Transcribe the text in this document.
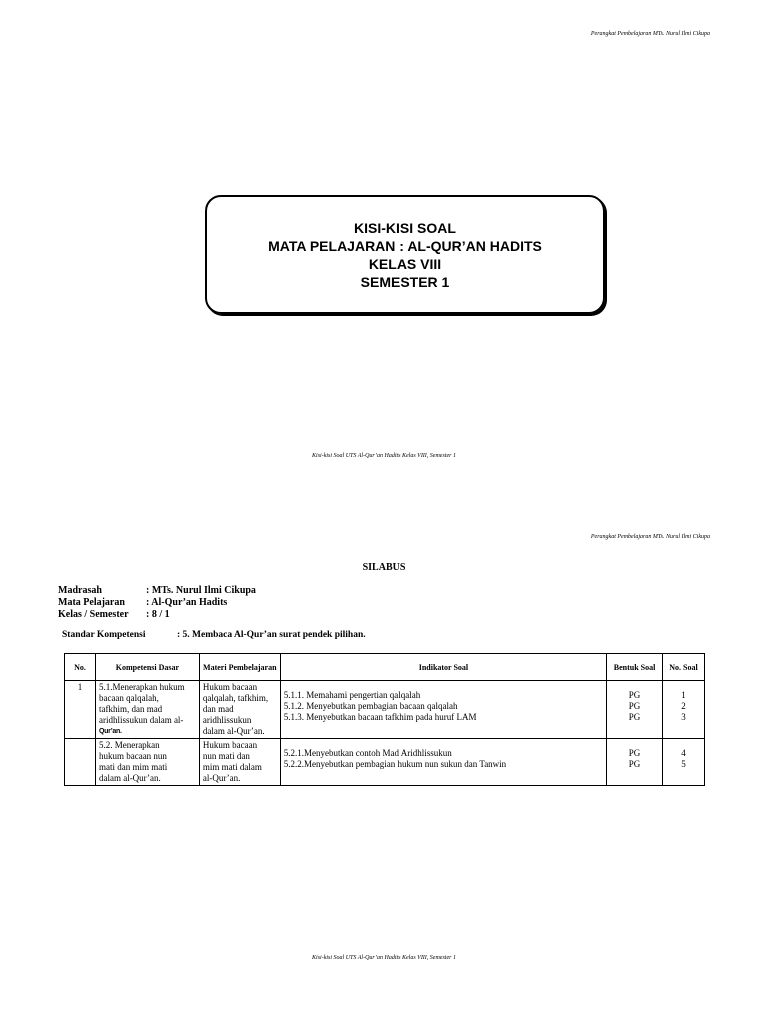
Perangkat Pembelajaran MTs. Nurul Ilmi Cikupa
KISI-KISI SOAL
MATA PELAJARAN : AL-QUR’AN HADITS
KELAS VIII
SEMESTER 1
Kisi-kisi Soal UTS Al-Qur’an Hadits Kelas VIII, Semester 1
Perangkat Pembelajaran MTs. Nurul Ilmi Cikupa
SILABUS
Madrasah	: MTs. Nurul Ilmi Cikupa
Mata Pelajaran	: Al-Qur’an Hadits
Kelas / Semester	: 8 / 1
Standar Kompetensi	: 5. Membaca Al-Qur’an surat pendek pilihan.
No.	Kompetensi Dasar	Materi Pembelajaran	Indikator Soal	Bentuk Soal	No. Soal
1	5.1.Menerapkan hukum
bacaan qalqalah,
tafkhim, dan mad
aridhlissukun dalam al-
Qur’an.	Hukum bacaan
qalqalah, tafkhim,
dan mad
aridhlissukun
dalam al-Qur’an.	5.1.1. Memahami pengertian qalqalah
5.1.2. Menyebutkan pembagian bacaan qalqalah
5.1.3. Menyebutkan bacaan tafkhim pada huruf LAM	PG
PG
PG	1
2
3

	5.2. Menerapkan
hukum bacaan nun
mati dan mim mati
dalam al-Qur’an.	Hukum bacaan
nun mati dan
mim mati dalam
al-Qur’an.	5.2.1.Menyebutkan contoh Mad Aridhlissukun
5.2.2.Menyebutkan pembagian hukum nun sukun dan Tanwin	PG
PG	4
5
Kisi-kisi Soal UTS Al-Qur’an Hadits Kelas VIII, Semester 1
